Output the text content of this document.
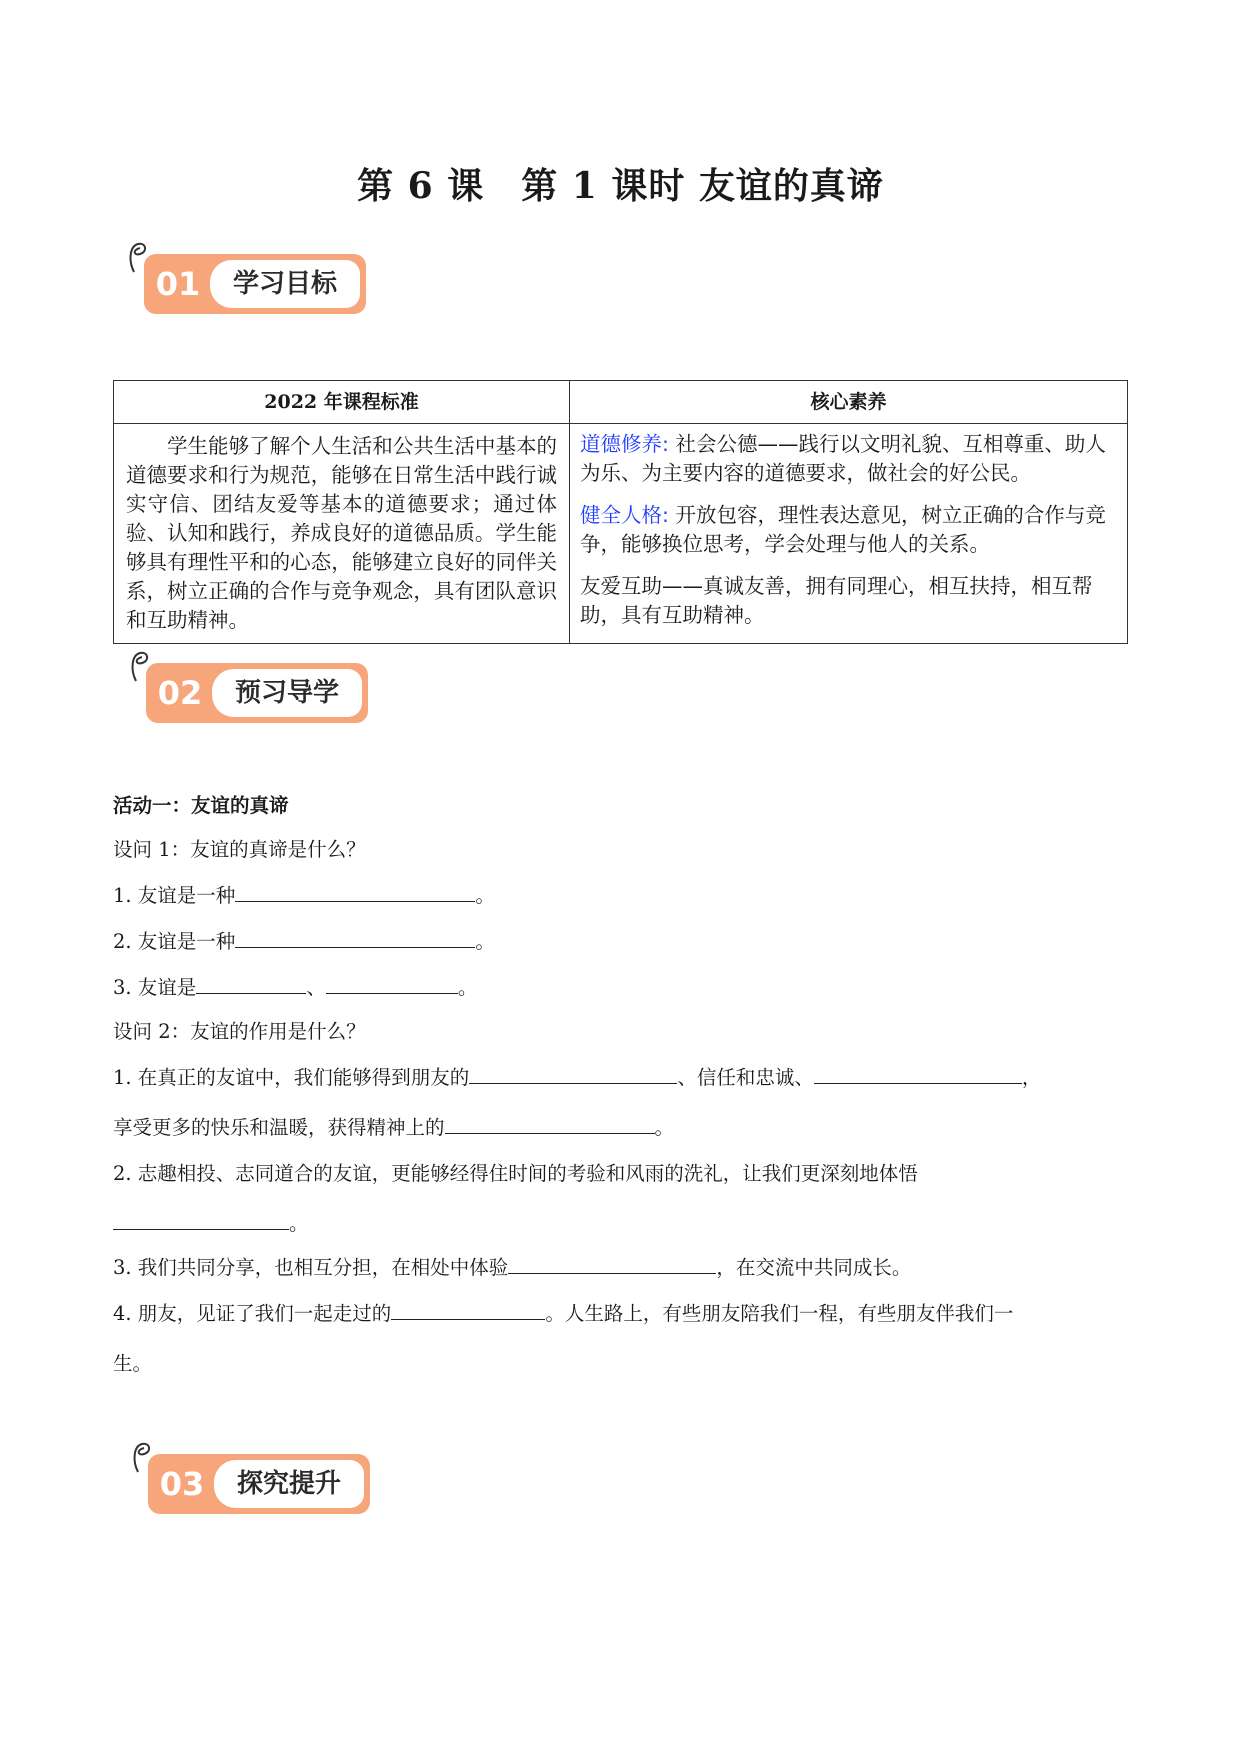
第 6 课　第 1 课时 友谊的真谛
01	学习目标
2022 年课程标准	核心素养
学生能够了解个人生活和公共生活中基本的道德要求和行为规范，能够在日常生活中践行诚实守信、团结友爱等基本的道德要求；通过体验、认知和践行，养成良好的道德品质。学生能够具有理性平和的心态，能够建立良好的同伴关系，树立正确的合作与竞争观念，具有团队意识和互助精神。	道德修养: 社会公德——践行以文明礼貌、互相尊重、助人为乐、为主要内容的道德要求，做社会的好公民。

健全人格: 开放包容，理性表达意见，树立正确的合作与竞争，能够换位思考，学会处理与他人的关系。

友爱互助——真诚友善，拥有同理心，相互扶持，相互帮助，具有互助精神。

02	预习导学
活动一：友谊的真谛
设问 1：友谊的真谛是什么？
1. 友谊是一种	。
2. 友谊是一种	。
3. 友谊是	、	。
设问 2：友谊的作用是什么？
1. 在真正的友谊中，我们能够得到朋友的	、信任和忠诚、	，
享受更多的快乐和温暖，获得精神上的	。
2. 志趣相投、志同道合的友谊，更能够经得住时间的考验和风雨的洗礼，让我们更深刻地体悟
。
3. 我们共同分享，也相互分担，在相处中体验	，在交流中共同成长。
4. 朋友，见证了我们一起走过的	。人生路上，有些朋友陪我们一程，有些朋友伴我们一
生。
03	探究提升
